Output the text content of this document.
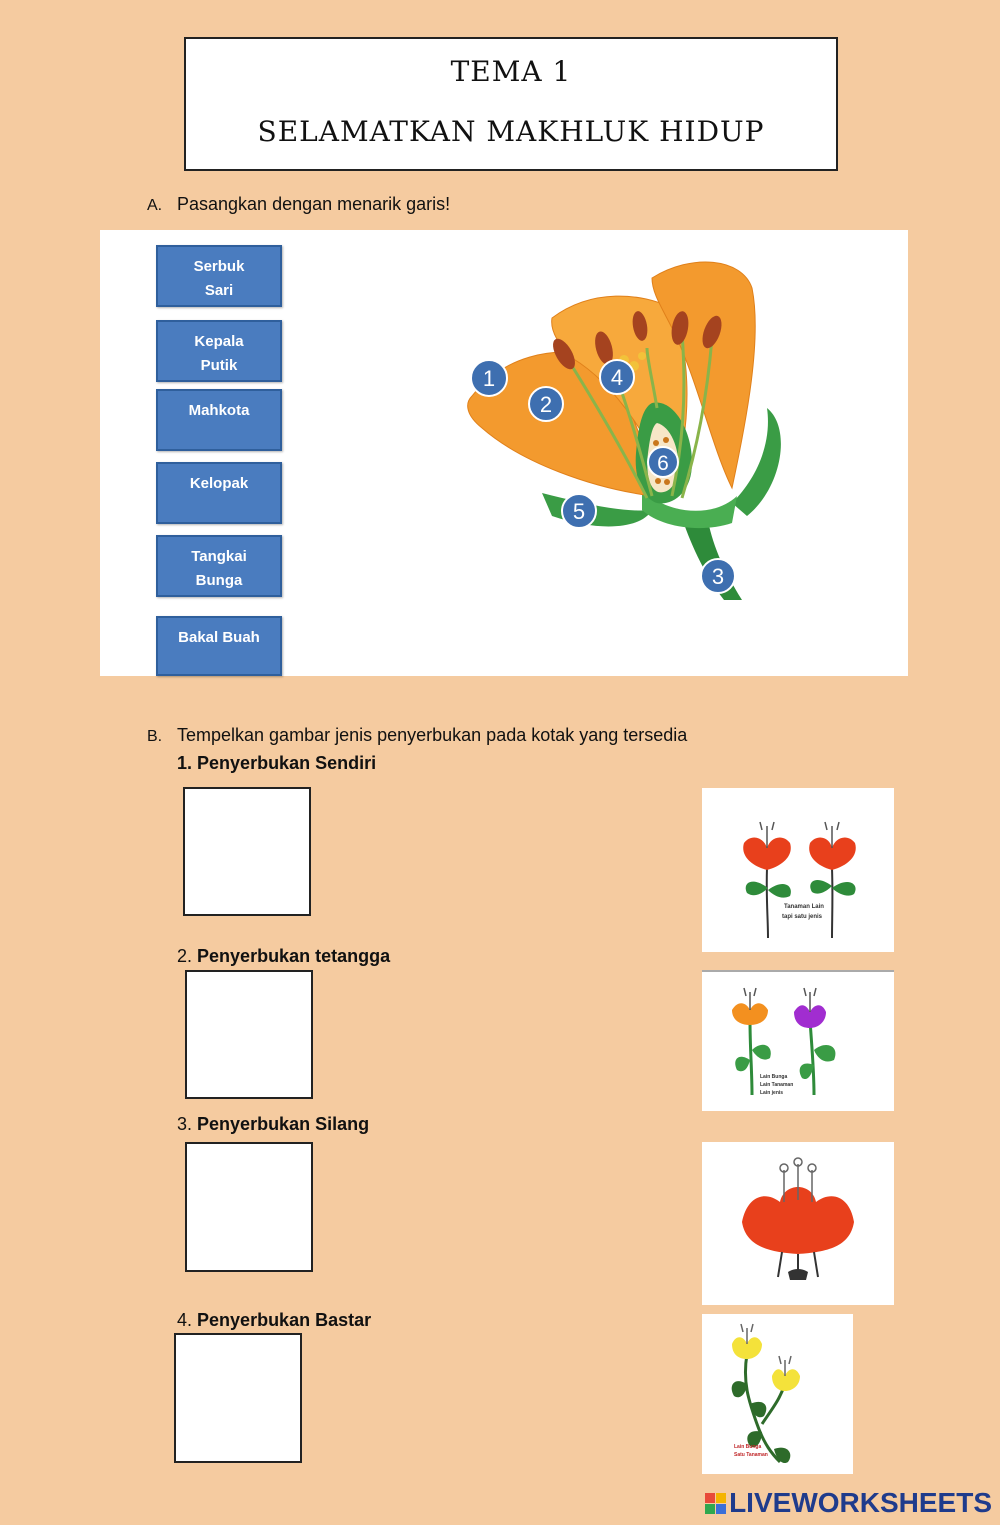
TEMA 1
SELAMATKAN MAKHLUK HIDUP
A. Pasangkan dengan menarik garis!
Serbuk
Sari
Kepala
Putik
Mahkota
Kelopak
Tangkai
Bunga
Bakal Buah
1
2
3
4
5
6
B. Tempelkan gambar jenis penyerbukan pada kotak yang tersedia
1. Penyerbukan Sendiri
2. Penyerbukan tetangga
3. Penyerbukan Silang
4. Penyerbukan Bastar
Tanaman Lain
tapi satu jenis
Lain Bunga
Lain Tanaman
Lain jenis
Lain Bunga
Satu Tanaman
LIVEWORKSHEETS
